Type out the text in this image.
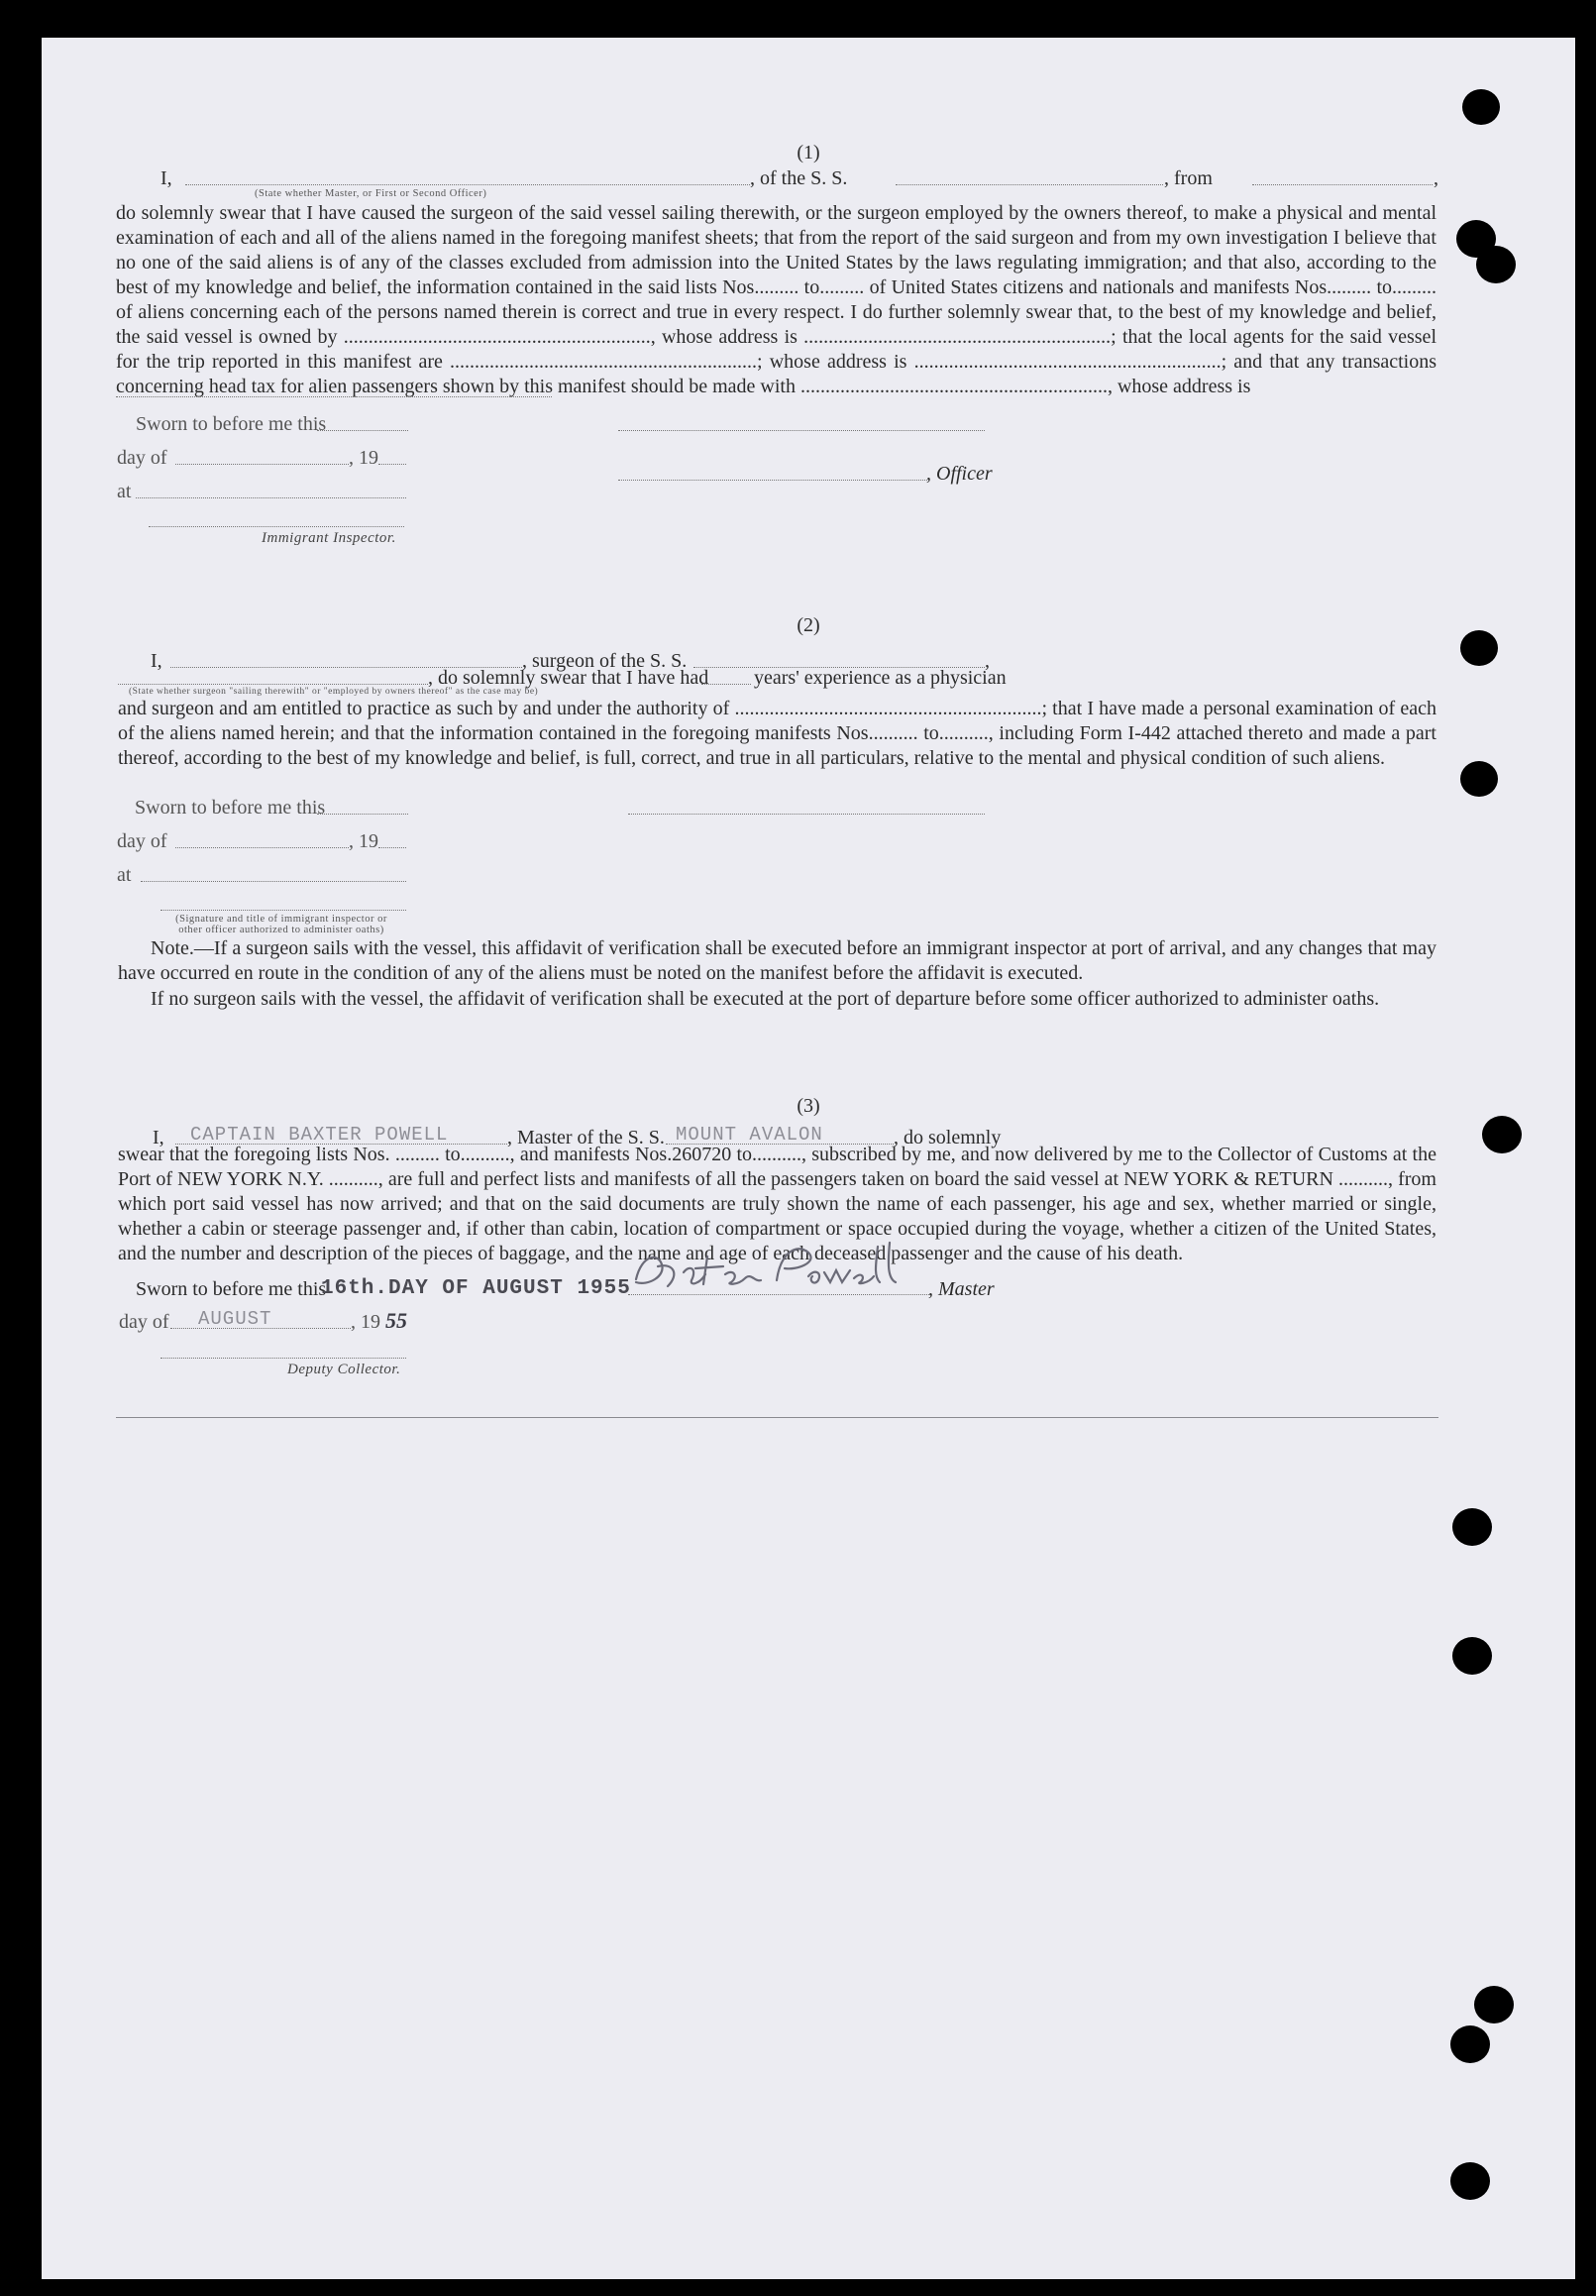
(1)
I,	, of the S. S.	, from	,
(State whether Master, or First or Second Officer)
do solemnly swear that I have caused the surgeon of the said vessel sailing therewith, or the surgeon employed by the owners thereof, to make a physical and mental examination of each and all of the aliens named in the foregoing manifest sheets; that from the report of the said surgeon and from my own investigation I believe that no one of the said aliens is of any of the classes excluded from admission into the United States by the laws regulating immigration; and that also, according to the best of my knowledge and belief, the information contained in the said lists Nos......... to......... of United States citizens and nationals and manifests Nos......... to......... of aliens concerning each of the persons named therein is correct and true in every respect. I do further solemnly swear that, to the best of my knowledge and belief, the said vessel is owned by .............................................................., whose address is ..............................................................; that the local agents for the said vessel for the trip reported in this manifest are ..............................................................; whose address is ..............................................................; and that any transactions concerning head tax for alien passengers shown by this manifest should be made with .............................................................., whose address is
Sworn to before me this
day of	, 19
, Officer
at
Immigrant Inspector.
(2)
I,	, surgeon of the S. S.	,
, do solemnly swear that I have had years' experience as a physician
(State whether surgeon "sailing therewith" or "employed by owners thereof" as the case may be)
and surgeon and am entitled to practice as such by and under the authority of ..............................................................; that I have made a personal examination of each of the aliens named herein; and that the information contained in the foregoing manifests Nos.......... to.........., including Form I-442 attached thereto and made a part thereof, according to the best of my knowledge and belief, is full, correct, and true in all particulars, relative to the mental and physical condition of such aliens.
Sworn to before me this
day of	, 19
at
(Signature and title of immigrant inspector or
other officer authorized to administer oaths)
Note.—If a surgeon sails with the vessel, this affidavit of verification shall be executed before an immigrant inspector at port of arrival, and any changes that may have occurred en route in the condition of any of the aliens must be noted on the manifest before the affidavit is executed.
If no surgeon sails with the vessel, the affidavit of verification shall be executed at the port of departure before some officer authorized to administer oaths.
(3)
I, CAPTAIN BAXTER POWELL	, Master of the S. S. MOUNT AVALON	, do solemnly
swear that the foregoing lists Nos. ......... to.........., and manifests Nos.260720 to.........., subscribed by me, and now delivered by me to the Collector of Customs at the Port of NEW YORK N.Y. .........., are full and perfect lists and manifests of all the passengers taken on board the said vessel at NEW YORK & RETURN .........., from which port said vessel has now arrived; and that on the said documents are truly shown the name of each passenger, his age and sex, whether married or single, whether a cabin or steerage passenger and, if other than cabin, location of compartment or space occupied during the voyage, whether a citizen of the United States, and the number and description of the pieces of baggage, and the name and age of each deceased passenger and the cause of his death.
Sworn to before me this
16th.DAY OF AUGUST 1955	, Master
day of AUGUST	, 19 55
Deputy Collector.
